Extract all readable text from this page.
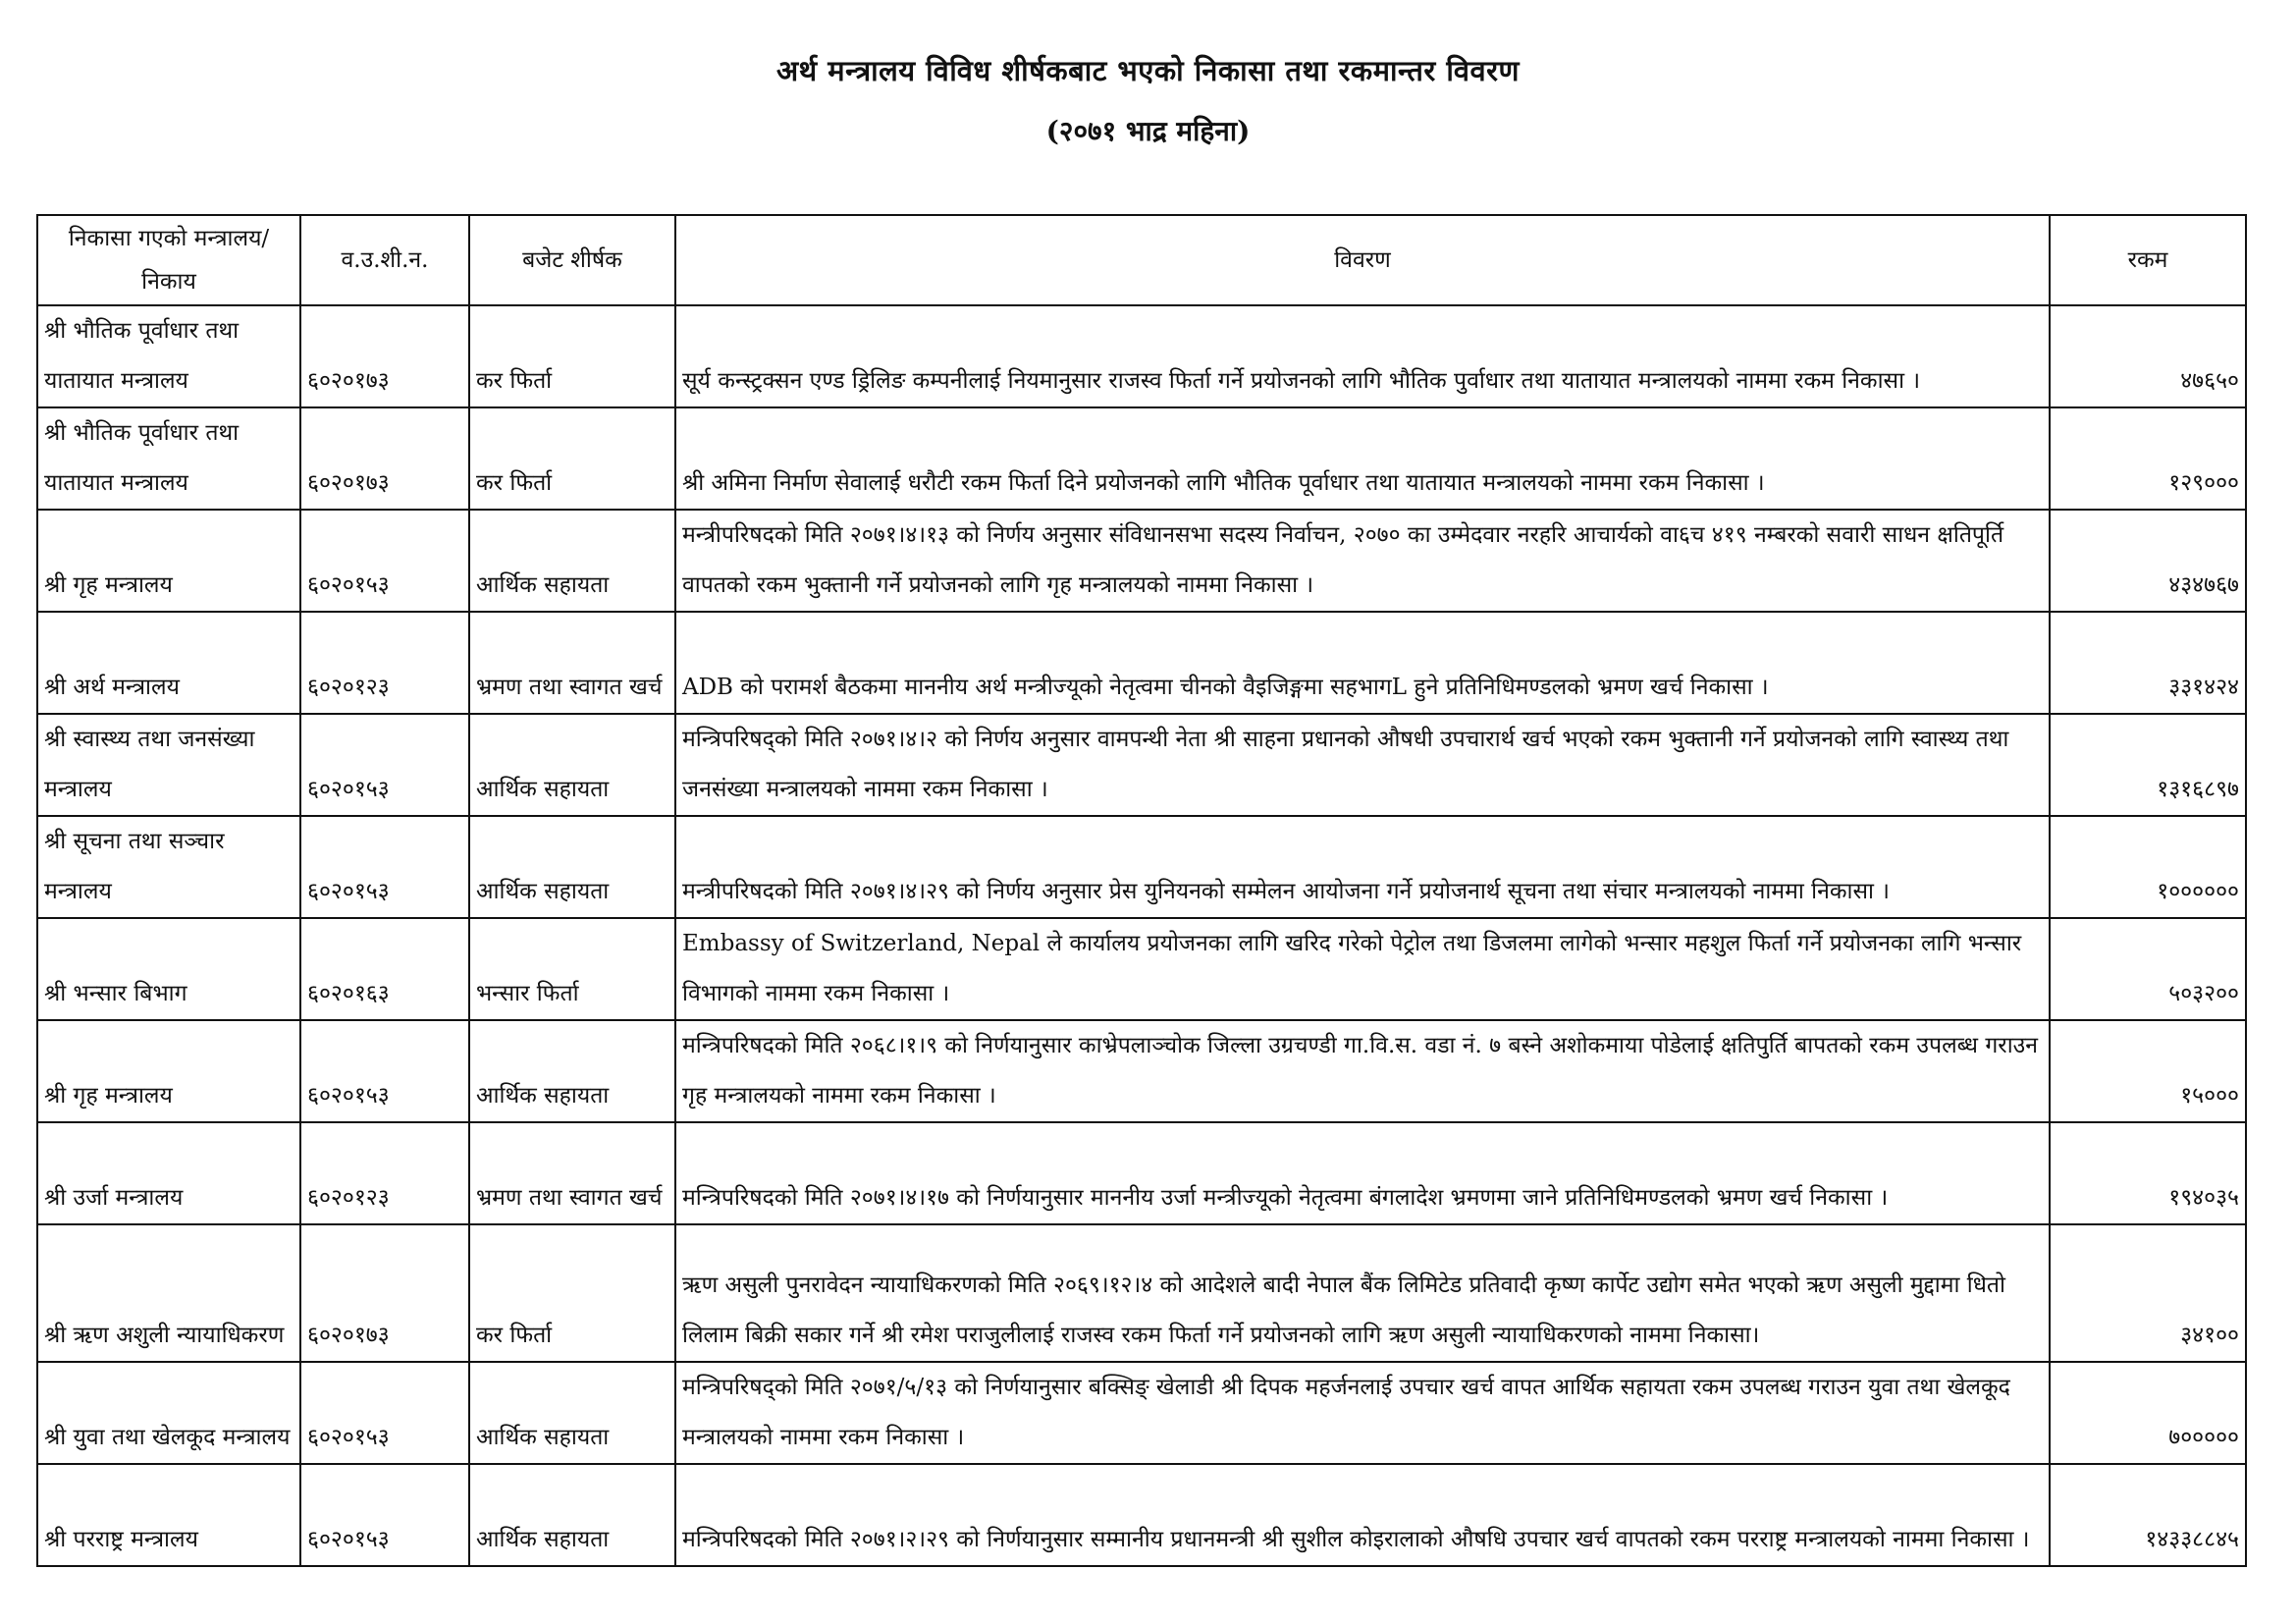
अर्थ मन्त्रालय विविध शीर्षकबाट भएको निकासा तथा रकमान्तर विवरण
(२०७१ भाद्र महिना)
निकासा गएको मन्त्रालय/निकाय	व.उ.शी.न.	बजेट शीर्षक	विवरण	रकम
श्री भौतिक पूर्वाधार तथा यातायात मन्त्रालय	६०२०१७३	कर फिर्ता	सूर्य कन्स्ट्रक्सन एण्ड ड्रिलिङ कम्पनीलाई नियमानुसार राजस्व फिर्ता गर्ने प्रयोजनको लागि भौतिक पुर्वाधार तथा यातायात मन्त्रालयको नाममा रकम निकासा ।	४७६५०
श्री भौतिक पूर्वाधार तथा यातायात मन्त्रालय	६०२०१७३	कर फिर्ता	श्री अमिना निर्माण सेवालाई धरौटी रकम फिर्ता दिने प्रयोजनको लागि भौतिक पूर्वाधार तथा यातायात मन्त्रालयको नाममा रकम निकासा ।	१२९०००
श्री गृह मन्त्रालय	६०२०१५३	आर्थिक सहायता	मन्त्रीपरिषदको मिति २०७१।४।१३ को निर्णय अनुसार संविधानसभा सदस्य निर्वाचन, २०७० का उम्मेदवार नरहरि आचार्यको वा६च ४१९ नम्बरको सवारी साधन क्षतिपूर्ति वापतको रकम भुक्तानी गर्ने प्रयोजनको लागि गृह मन्त्रालयको नाममा निकासा ।	४३४७६७
श्री अर्थ मन्त्रालय	६०२०१२३	भ्रमण तथा स्वागत खर्च	ADB को परामर्श बैठकमा माननीय अर्थ मन्त्रीज्यूको नेतृत्वमा चीनको वैइजिङ्गमा सहभागL हुने प्रतिनिधिमण्डलको भ्रमण खर्च निकासा ।	३३१४२४
श्री स्वास्थ्य तथा जनसंख्या मन्त्रालय	६०२०१५३	आर्थिक सहायता	मन्त्रिपरिषद्को मिति २०७१।४।२ को निर्णय अनुसार वामपन्थी नेता श्री साहना प्रधानको औषधी उपचारार्थ खर्च भएको रकम भुक्तानी गर्ने प्रयोजनको लागि स्वास्थ्य तथा जनसंख्या मन्त्रालयको नाममा रकम निकासा ।	१३१६८९७
श्री सूचना तथा सञ्चार मन्त्रालय	६०२०१५३	आर्थिक सहायता	मन्त्रीपरिषदको मिति २०७१।४।२९ को निर्णय अनुसार प्रेस युनियनको सम्मेलन आयोजना गर्ने प्रयोजनार्थ सूचना तथा संचार मन्त्रालयको नाममा निकासा ।	१००००००
श्री भन्सार बिभाग	६०२०१६३	भन्सार फिर्ता	Embassy of Switzerland, Nepal ले कार्यालय प्रयोजनका लागि खरिद गरेको पेट्रोल तथा डिजलमा लागेको भन्सार महशुल फिर्ता गर्ने प्रयोजनका लागि भन्सार विभागको नाममा रकम निकासा ।	५०३२००
श्री गृह मन्त्रालय	६०२०१५३	आर्थिक सहायता	मन्त्रिपरिषदको मिति २०६८।१।९ को निर्णयानुसार काभ्रेपलाञ्चोक जिल्ला उग्रचण्डी गा.वि.स. वडा नं. ७ बस्ने अशोकमाया पोडेलाई क्षतिपुर्ति बापतको रकम उपलब्ध गराउन गृह मन्त्रालयको नाममा रकम निकासा ।	१५०००
श्री उर्जा मन्त्रालय	६०२०१२३	भ्रमण तथा स्वागत खर्च	मन्त्रिपरिषदको मिति २०७१।४।१७ को निर्णयानुसार माननीय उर्जा मन्त्रीज्यूको नेतृत्वमा बंगलादेश भ्रमणमा जाने प्रतिनिधिमण्डलको भ्रमण खर्च निकासा ।	१९४०३५
श्री ऋण अशुली न्यायाधिकरण	६०२०१७३	कर फिर्ता	ऋण असुली पुनरावेदन न्यायाधिकरणको मिति २०६९।१२।४ को आदेशले बादी नेपाल बैंक लिमिटेड प्रतिवादी कृष्ण कार्पेट उद्योग समेत भएको ऋण असुली मुद्दामा धितो लिलाम बिक्री सकार गर्ने श्री रमेश पराजुलीलाई राजस्व रकम फिर्ता गर्ने प्रयोजनको लागि ऋण असुली न्यायाधिकरणको नाममा निकासा।	३४१००
श्री युवा तथा खेलकूद मन्त्रालय	६०२०१५३	आर्थिक सहायता	मन्त्रिपरिषद्को मिति २०७१/५/१३ को निर्णयानुसार बक्सिङ् खेलाडी श्री दिपक महर्जनलाई उपचार खर्च वापत आर्थिक सहायता रकम उपलब्ध गराउन युवा तथा खेलकूद मन्त्रालयको नाममा रकम निकासा ।	७०००००
श्री परराष्ट्र मन्त्रालय	६०२०१५३	आर्थिक सहायता	मन्त्रिपरिषदको मिति २०७१।२।२९ को निर्णयानुसार सम्मानीय प्रधानमन्त्री श्री सुशील कोइरालाको औषधि उपचार खर्च वापतको रकम परराष्ट्र मन्त्रालयको नाममा निकासा ।	१४३३८८४५
